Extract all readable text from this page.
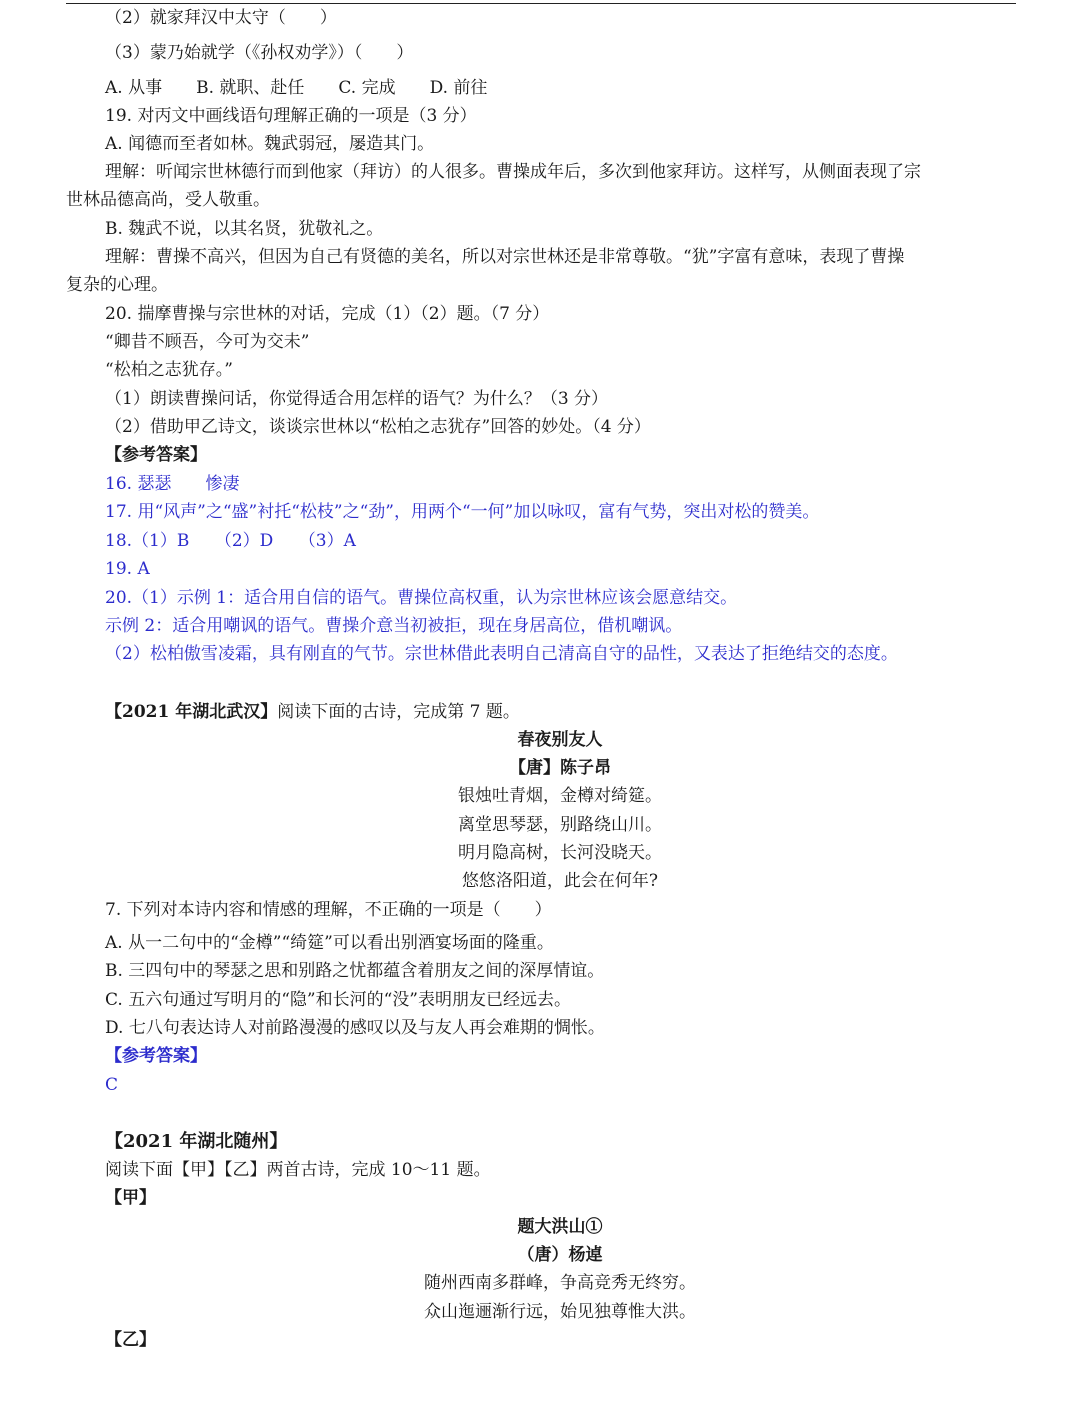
（2）就家拜汉中太守（　　）
（3）蒙乃始就学（《孙权劝学》）（　　）
A. 从事　　B. 就职、赴任　　C. 完成　　D. 前往
19. 对丙文中画线语句理解正确的一项是（3 分）
A. 闻德而至者如林。魏武弱冠，屡造其门。
理解：听闻宗世林德行而到他家（拜访）的人很多。曹操成年后，多次到他家拜访。这样写，从侧面表现了宗
世林品德高尚，受人敬重。
B. 魏武不说，以其名贤，犹敬礼之。
理解：曹操不高兴，但因为自己有贤德的美名，所以对宗世林还是非常尊敬。“犹”字富有意味，表现了曹操
复杂的心理。
20. 揣摩曹操与宗世林的对话，完成（1）（2）题。（7 分）
“卿昔不顾吾，今可为交未”
“松柏之志犹存。”
（1）朗读曹操问话，你觉得适合用怎样的语气？为什么？（3 分）
（2）借助甲乙诗文，谈谈宗世林以“松柏之志犹存”回答的妙处。（4 分）
【参考答案】
16. 瑟瑟　　惨凄
17. 用“风声”之“盛”衬托“松枝”之“劲”，用两个“一何”加以咏叹，富有气势，突出对松的赞美。
18.（1）B　　（2）D　　（3）A
19. A
20.（1）示例 1：适合用自信的语气。曹操位高权重，认为宗世林应该会愿意结交。
示例 2：适合用嘲讽的语气。曹操介意当初被拒，现在身居高位，借机嘲讽。
（2）松柏傲雪凌霜，具有刚直的气节。宗世林借此表明自己清高自守的品性，又表达了拒绝结交的态度。
【2021 年湖北武汉】阅读下面的古诗，完成第 7 题。
春夜别友人
【唐】陈子昂
银烛吐青烟，金樽对绮筵。
离堂思琴瑟，别路绕山川。
明月隐高树，长河没晓天。
悠悠洛阳道，此会在何年?
7. 下列对本诗内容和情感的理解，不正确的一项是（　　）
A. 从一二句中的“金樽”“绮筵”可以看出别酒宴场面的隆重。
B. 三四句中的琴瑟之思和别路之忧都蕴含着朋友之间的深厚情谊。
C. 五六句通过写明月的“隐”和长河的“没”表明朋友已经远去。
D. 七八句表达诗人对前路漫漫的感叹以及与友人再会难期的惆怅。
【参考答案】
C
【2021 年湖北随州】
阅读下面【甲】【乙】两首古诗，完成 10～11 题。
【甲】
题大洪山①
（唐）杨逴
随州西南多群峰，争高竞秀无终穷。
众山迤逦渐行远，始见独尊惟大洪。
【乙】
